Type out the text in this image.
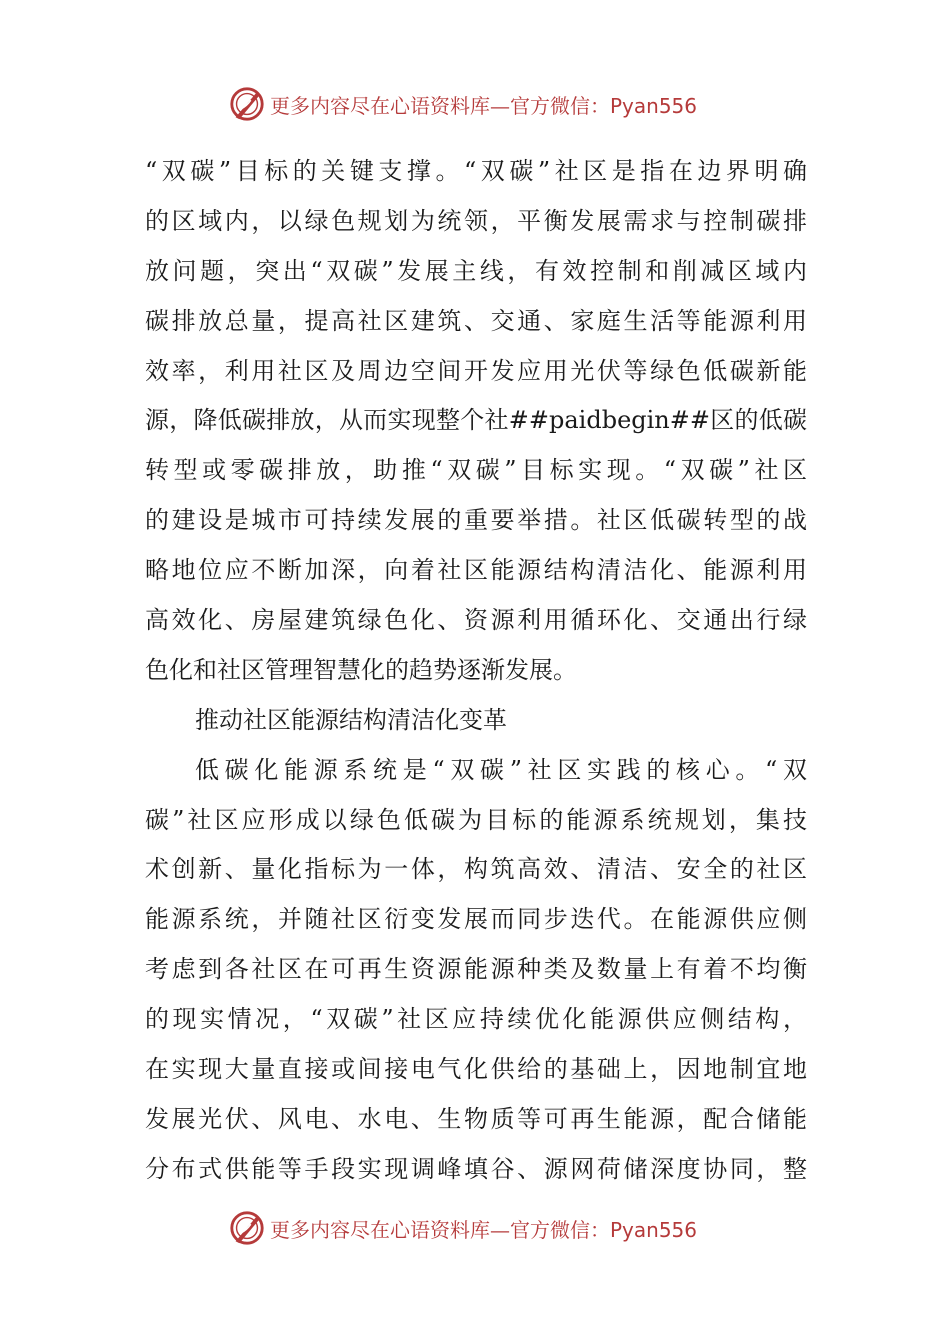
更多内容尽在心语资料库—官方微信：Pyan556
“双碳”目标的关键支撑。“双碳”社区是指在边界明确
的区域内，以绿色规划为统领，平衡发展需求与控制碳排
放问题，突出“双碳”发展主线，有效控制和削减区域内
碳排放总量，提高社区建筑、交通、家庭生活等能源利用
效率，利用社区及周边空间开发应用光伏等绿色低碳新能
源，降低碳排放，从而实现整个社##paidbegin##区的低碳
转型或零碳排放，助推“双碳”目标实现。“双碳”社区
的建设是城市可持续发展的重要举措。社区低碳转型的战
略地位应不断加深，向着社区能源结构清洁化、能源利用
高效化、房屋建筑绿色化、资源利用循环化、交通出行绿
色化和社区管理智慧化的趋势逐渐发展。
推动社区能源结构清洁化变革
低碳化能源系统是“双碳”社区实践的核心。“双
碳”社区应形成以绿色低碳为目标的能源系统规划，集技
术创新、量化指标为一体，构筑高效、清洁、安全的社区
能源系统，并随社区衍变发展而同步迭代。在能源供应侧
考虑到各社区在可再生资源能源种类及数量上有着不均衡
的现实情况，“双碳”社区应持续优化能源供应侧结构，
在实现大量直接或间接电气化供给的基础上，因地制宜地
发展光伏、风电、水电、生物质等可再生能源，配合储能
分布式供能等手段实现调峰填谷、源网荷储深度协同，整
更多内容尽在心语资料库—官方微信：Pyan556
